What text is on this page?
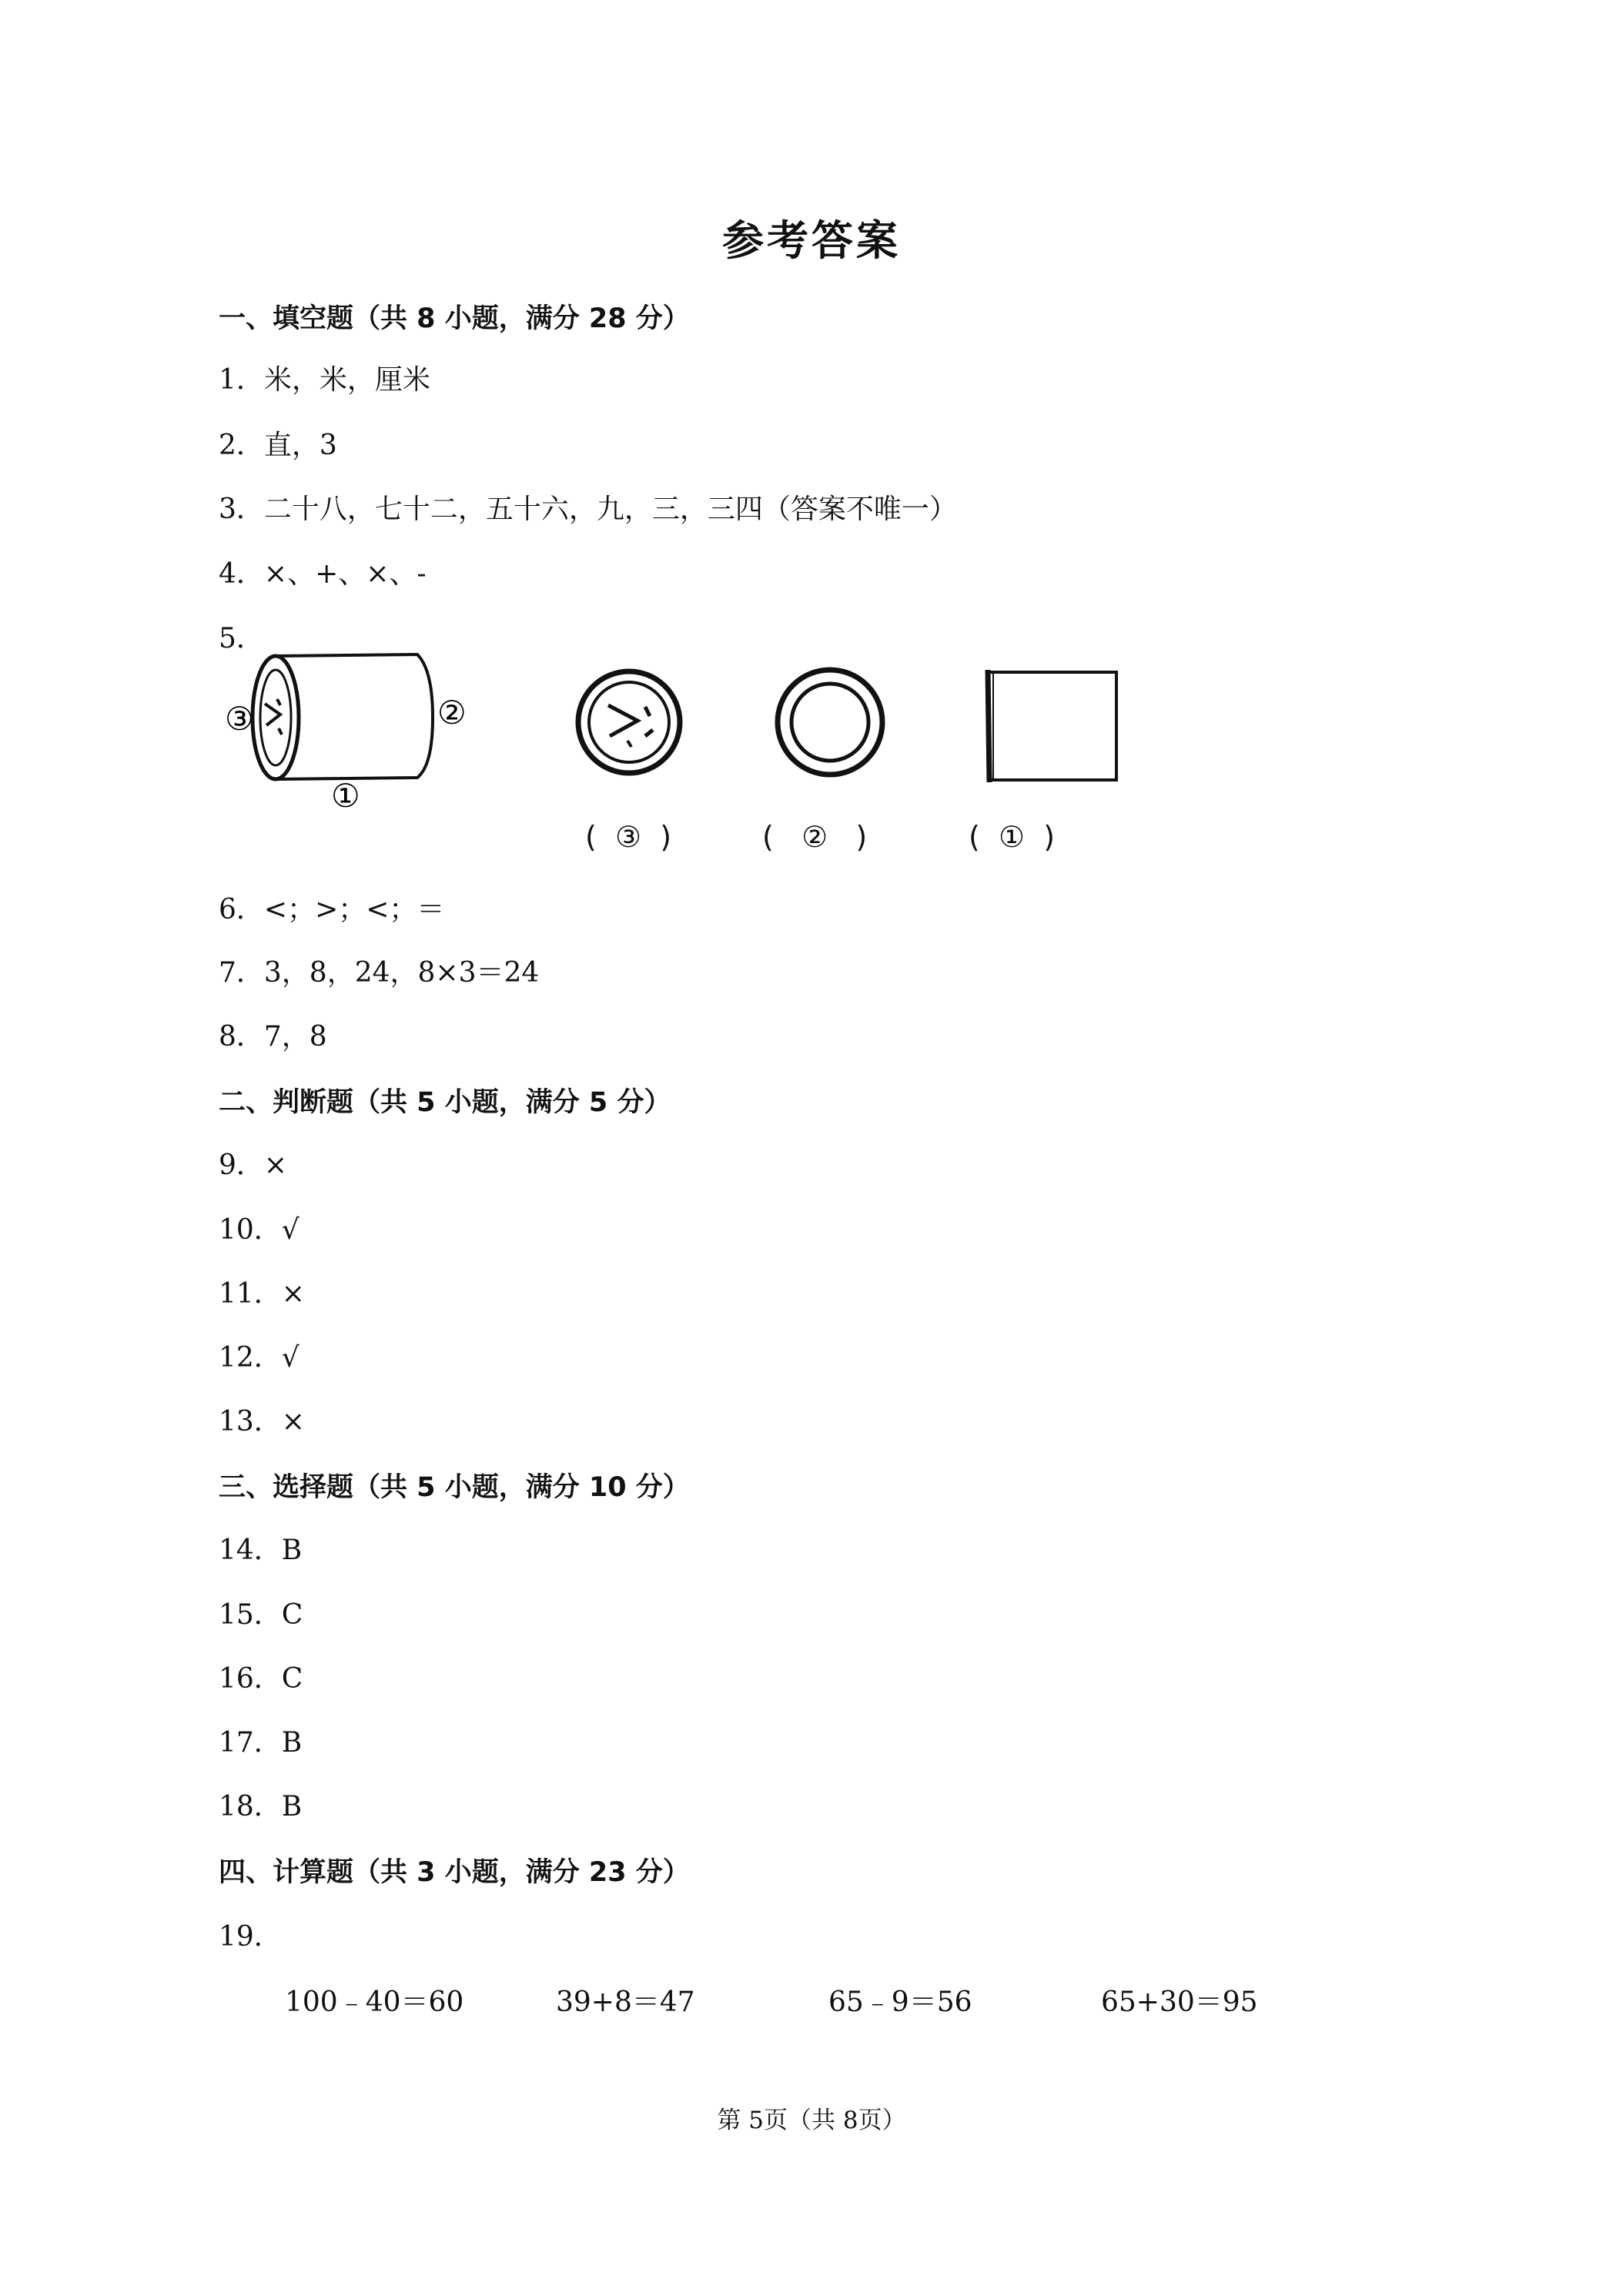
参考答案
一、填空题（共 8 小题，满分 28 分）
1．米，米，厘米
2．直，3
3．二十八，七十二，五十六，九，三，三四（答案不唯一）
4．×、+、×、-
5．
6．<；>；<；＝
7．3，8，24，8×3＝24
8．7，8
二、判断题（共 5 小题，满分 5 分）
9．×
10．√
11．×
12．√
13．×
三、选择题（共 5 小题，满分 10 分）
14．B
15．C
16．C
17．B
18．B
四、计算题（共 3 小题，满分 23 分）
19．
③	②
①
(  ③  )	(   ②   )	(  ①  )
100﹣40＝60	39+8＝47	65﹣9＝56	65+30＝95
第 5页（共 8页）
